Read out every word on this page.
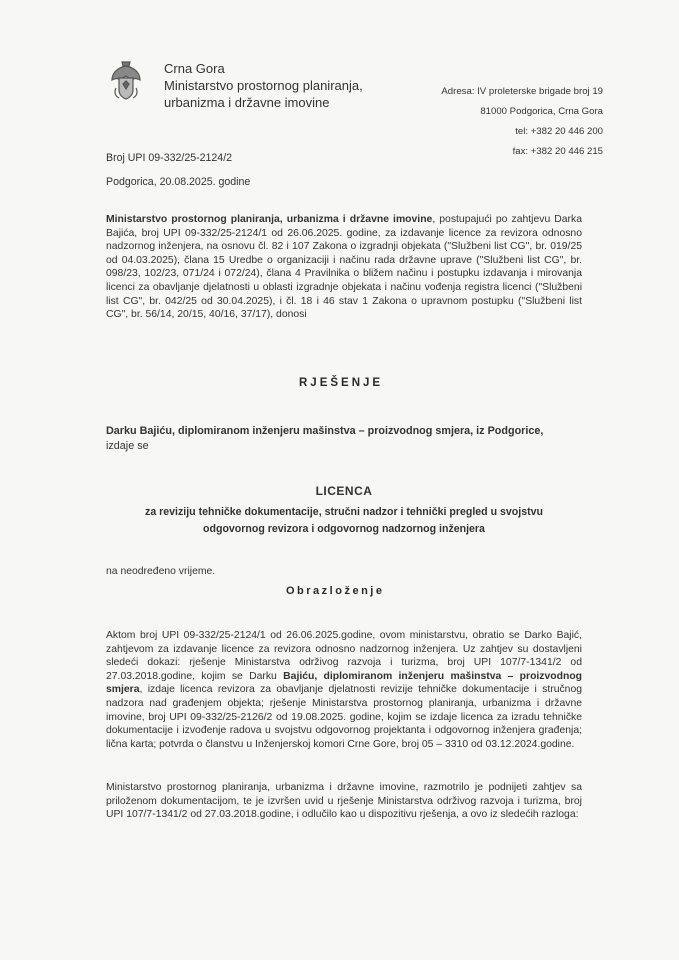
Crna Gora
Ministarstvo prostornog planiranja,
urbanizma i državne imovine
Adresa: IV proleterske brigade broj 19
81000 Podgorica, Crna Gora
tel: +382 20 446 200
fax: +382 20 446 215
Broj UPI 09-332/25-2124/2
Podgorica, 20.08.2025. godine
Ministarstvo prostornog planiranja, urbanizma i državne imovine, postupajući po zahtjevu Darka Bajića, broj UPI 09-332/25-2124/1 od 26.06.2025. godine, za izdavanje licence za revizora odnosno nadzornog inženjera, na osnovu čl. 82 i 107 Zakona o izgradnji objekata ("Službeni list CG", br. 019/25 od 04.03.2025), člana 15 Uredbe o organizaciji i načinu rada državne uprave ("Službeni list CG", br. 098/23, 102/23, 071/24 i 072/24), člana 4 Pravilnika o bližem načinu i postupku izdavanja i mirovanja licenci za obavljanje djelatnosti u oblasti izgradnje objekata i načinu vođenja registra licenci ("Službeni list CG", br. 042/25 od 30.04.2025), i čl. 18 i 46 stav 1 Zakona o upravnom postupku ("Službeni list CG", br. 56/14, 20/15, 40/16, 37/17), donosi
RJEŠENJE
Darku Bajiću, diplomiranom inženjeru mašinstva – proizvodnog smjera, iz Podgorice,
izdaje se
LICENCA
za reviziju tehničke dokumentacije, stručni nadzor i tehnički pregled u svojstvu
odgovornog revizora i odgovornog nadzornog inženjera
na neodređeno vrijeme.
Obrazloženje
Aktom broj UPI 09-332/25-2124/1 od 26.06.2025.godine, ovom ministarstvu, obratio se Darko Bajić, zahtjevom za izdavanje licence za revizora odnosno nadzornog inženjera. Uz zahtjev su dostavljeni sledeći dokazi: rješenje Ministarstva održivog razvoja i turizma, broj UPI 107/7-1341/2 od 27.03.2018.godine, kojim se Darku Bajiću, diplomiranom inženjeru mašinstva – proizvodnog smjera, izdaje licenca revizora za obavljanje djelatnosti revizije tehničke dokumentacije i stručnog nadzora nad građenjem objekta; rješenje Ministarstva prostornog planiranja, urbanizma i državne imovine, broj UPI 09-332/25-2126/2 od 19.08.2025. godine, kojim se izdaje licenca za izradu tehničke dokumentacije i izvođenje radova u svojstvu odgovornog projektanta i odgovornog inženjera građenja; lična karta; potvrda o članstvu u Inženjerskoj komori Crne Gore, broj 05 – 3310 od 03.12.2024.godine.
Ministarstvo prostornog planiranja, urbanizma i državne imovine, razmotrilo je podnijeti zahtjev sa priloženom dokumentacijom, te je izvršen uvid u rješenje Ministarstva održivog razvoja i turizma, broj UPI 107/7-1341/2 od 27.03.2018.godine, i odlučilo kao u dispozitivu rješenja, a ovo iz sledećih razloga:
